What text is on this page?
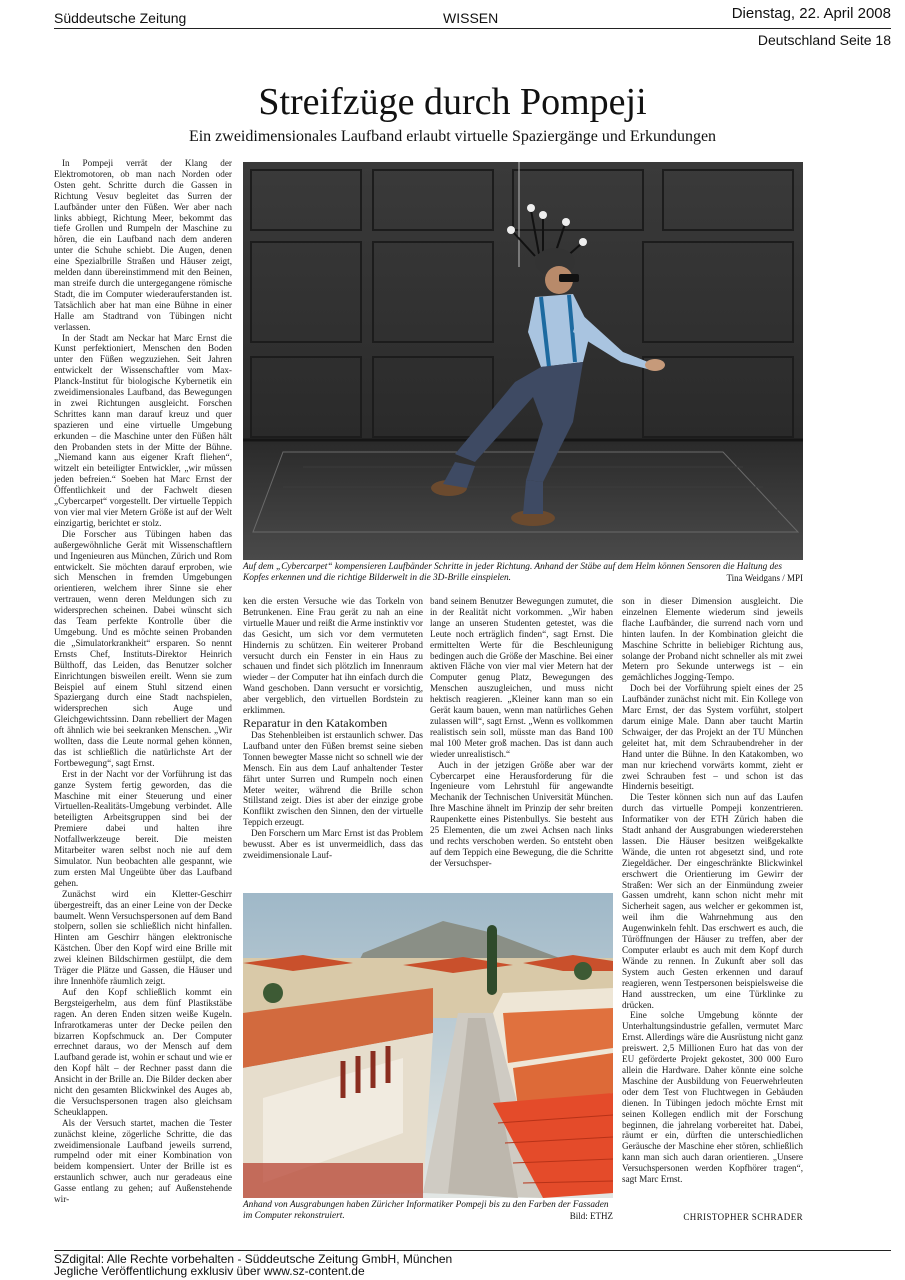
Süddeutsche Zeitung	WISSEN	Dienstag, 22. April 2008
Deutschland Seite 18
Streifzüge durch Pompeji
Ein zweidimensionales Laufband erlaubt virtuelle Spaziergänge und Erkundungen

In Pompeji verrät der Klang der Elektromotoren, ob man nach Norden oder Osten geht. Schritte durch die Gassen in Richtung Vesuv begleitet das Surren der Laufbänder unter den Füßen. Wer aber nach links abbiegt, Richtung Meer, bekommt das tiefe Grollen und Rumpeln der Maschine zu hören, die ein Laufband nach dem anderen unter die Schuhe schiebt. Die Augen, denen eine Spezialbrille Straßen und Häuser zeigt, melden dann übereinstimmend mit den Beinen, man streife durch die untergegangene römische Stadt, die im Computer wiederauferstanden ist. Tatsächlich aber hat man eine Bühne in einer Halle am Stadtrand von Tübingen nicht verlassen.

In der Stadt am Neckar hat Marc Ernst die Kunst perfektioniert, Menschen den Boden unter den Füßen wegzuziehen. Seit Jahren entwickelt der Wissenschaftler vom Max-Planck-Institut für biologische Kybernetik ein zweidimensionales Laufband, das Bewegungen in zwei Richtungen ausgleicht. Forschen Schrittes kann man darauf kreuz und quer spazieren und eine virtuelle Umgebung erkunden – die Maschine unter den Füßen hält den Probanden stets in der Mitte der Bühne. „Niemand kann aus eigener Kraft fliehen“, witzelt ein beteiligter Entwickler, „wir müssen jeden befreien.“ Soeben hat Marc Ernst der Öffentlichkeit und der Fachwelt diesen „Cybercarpet“ vorgestellt. Der virtuelle Teppich von vier mal vier Metern Größe ist auf der Welt einzigartig, berichtet er stolz.

Die Forscher aus Tübingen haben das außergewöhnliche Gerät mit Wissenschaftlern und Ingenieuren aus München, Zürich und Rom entwickelt. Sie möchten darauf erproben, wie sich Menschen in fremden Umgebungen orientieren, welchem ihrer Sinne sie eher vertrauen, wenn deren Meldungen sich zu widersprechen scheinen. Dabei wünscht sich das Team perfekte Kontrolle über die Umgebung. Und es möchte seinen Probanden die „Simulatorkrankheit“ ersparen. So nennt Ernsts Chef, Instituts-Direktor Heinrich Bülthoff, das Leiden, das Benutzer solcher Einrichtungen bisweilen ereilt. Wenn sie zum Beispiel auf einem Stuhl sitzend einen Spaziergang durch eine Stadt nachspielen, widersprechen sich Auge und Gleichgewichtssinn. Dann rebelliert der Magen oft ähnlich wie bei seekranken Menschen. „Wir wollten, dass die Leute normal gehen können, das ist schließlich die natürlichste Art der Fortbewegung“, sagt Ernst.

Erst in der Nacht vor der Vorführung ist das ganze System fertig geworden, das die Maschine mit einer Steuerung und einer Virtuellen-Realitäts-Umgebung verbindet. Alle beteiligten Arbeitsgruppen sind bei der Premiere dabei und halten ihre Notfallwerkzeuge bereit. Die meisten Mitarbeiter waren selbst noch nie auf dem Simulator. Nun beobachten alle gespannt, wie zum ersten Mal Ungeübte über das Laufband gehen.

Zunächst wird ein Kletter-Geschirr übergestreift, das an einer Leine von der Decke baumelt. Wenn Versuchspersonen auf dem Band stolpern, sollen sie schließlich nicht hinfallen. Hinten am Geschirr hängen elektronische Kästchen. Über den Kopf wird eine Brille mit zwei kleinen Bildschirmen gestülpt, die dem Träger die Plätze und Gassen, die Häuser und ihre Innenhöfe räumlich zeigt.

Auf den Kopf schließlich kommt ein Bergsteigerhelm, aus dem fünf Plastikstäbe ragen. An deren Enden sitzen weiße Kugeln. Infrarotkameras unter der Decke peilen den bizarren Kopfschmuck an. Der Computer errechnet daraus, wo der Mensch auf dem Laufband gerade ist, wohin er schaut und wie er den Kopf hält – der Rechner passt dann die Ansicht in der Brille an. Die Bilder decken aber nicht den gesamten Blickwinkel des Auges ab, die Versuchspersonen tragen also gleichsam Scheuklappen.

Als der Versuch startet, machen die Tester zunächst kleine, zögerliche Schritte, die das zweidimensionale Laufband jeweils surrend, rumpelnd oder mit einer Kombination von beidem kompensiert. Unter der Brille ist es erstaunlich schwer, auch nur geradeaus eine Gasse entlang zu gehen; auf Außenstehende wir-

Auf dem „Cybercarpet“ kompensieren Laufbänder Schritte in jeder Richtung. Anhand der Stäbe auf dem Helm können Sensoren die Haltung des Kopfes erkennen und die richtige Bilderwelt in die 3D-Brille einspielen.	Tina Weidgans / MPI

ken die ersten Versuche wie das Torkeln von Betrunkenen. Eine Frau gerät zu nah an eine virtuelle Mauer und reißt die Arme instinktiv vor das Gesicht, um sich vor dem vermuteten Hindernis zu schützen. Ein weiterer Proband versucht durch ein Fenster in ein Haus zu schauen und findet sich plötzlich im Innenraum wieder – der Computer hat ihn einfach durch die Wand geschoben. Dann versucht er vorsichtig, aber vergeblich, den virtuellen Bordstein zu erklimmen.

Reparatur in den Katakomben

Das Stehenbleiben ist erstaunlich schwer. Das Laufband unter den Füßen bremst seine sieben Tonnen bewegter Masse nicht so schnell wie der Mensch. Ein aus dem Lauf anhaltender Tester fährt unter Surren und Rumpeln noch einen Meter weiter, während die Brille schon Stillstand zeigt. Dies ist aber der einzige grobe Konflikt zwischen den Sinnen, den der virtuelle Teppich erzeugt.

Den Forschern um Marc Ernst ist das Problem bewusst. Aber es ist unvermeidlich, dass das zweidimensionale Lauf-

band seinem Benutzer Bewegungen zumutet, die in der Realität nicht vorkommen. „Wir haben lange an unseren Studenten getestet, was die Leute noch erträglich finden“, sagt Ernst. Die ermittelten Werte für die Beschleunigung bedingen auch die Größe der Maschine. Bei einer aktiven Fläche von vier mal vier Metern hat der Computer genug Platz, Bewegungen des Menschen auszugleichen, und muss nicht hektisch reagieren. „Kleiner kann man so ein Gerät kaum bauen, wenn man natürliches Gehen zulassen will“, sagt Ernst. „Wenn es vollkommen realistisch sein soll, müsste man das Band 100 mal 100 Meter groß machen. Das ist dann auch wieder unrealistisch.“

Auch in der jetzigen Größe aber war der Cybercarpet eine Herausforderung für die Ingenieure vom Lehrstuhl für angewandte Mechanik der Technischen Universität München. Ihre Maschine ähnelt im Prinzip der sehr breiten Raupenkette eines Pistenbullys. Sie besteht aus 25 Elementen, die um zwei Achsen nach links und rechts verschoben werden. So entsteht oben auf dem Teppich eine Bewegung, die die Schritte der Versuchsper-

Anhand von Ausgrabungen haben Züricher Informatiker Pompeji bis zu den Farben der Fassaden im Computer rekonstruiert.	Bild: ETHZ

son in dieser Dimension ausgleicht. Die einzelnen Elemente wiederum sind jeweils flache Laufbänder, die surrend nach vorn und hinten laufen. In der Kombination gleicht die Maschine Schritte in beliebiger Richtung aus, solange der Proband nicht schneller als mit zwei Metern pro Sekunde unterwegs ist – ein gemächliches Jogging-Tempo.

Doch bei der Vorführung spielt eines der 25 Laufbänder zunächst nicht mit. Ein Kollege von Marc Ernst, der das System vorführt, stolpert darum einige Male. Dann aber taucht Martin Schwaiger, der das Projekt an der TU München geleitet hat, mit dem Schraubendreher in der Hand unter die Bühne. In den Katakomben, wo man nur kriechend vorwärts kommt, zieht er zwei Schrauben fest – und schon ist das Hindernis beseitigt.

Die Tester können sich nun auf das Laufen durch das virtuelle Pompeji konzentrieren. Informatiker von der ETH Zürich haben die Stadt anhand der Ausgrabungen wiedererstehen lassen. Die Häuser besitzen weißgekalkte Wände, die unten rot abgesetzt sind, und rote Ziegeldächer. Der eingeschränkte Blickwinkel erschwert die Orientierung im Gewirr der Straßen: Wer sich an der Einmündung zweier Gassen umdreht, kann schon nicht mehr mit Sicherheit sagen, aus welcher er gekommen ist, weil ihm die Wahrnehmung aus den Augenwinkeln fehlt. Das erschwert es auch, die Türöffnungen der Häuser zu treffen, aber der Computer erlaubt es auch mit dem Kopf durch Wände zu rennen. In Zukunft aber soll das System auch Gesten erkennen und darauf reagieren, wenn Testpersonen beispielsweise die Hand ausstrecken, um eine Türklinke zu drücken.

Eine solche Umgebung könnte der Unterhaltungsindustrie gefallen, vermutet Marc Ernst. Allerdings wäre die Ausrüstung nicht ganz preiswert. 2,5 Millionen Euro hat das von der EU geförderte Projekt gekostet, 300 000 Euro allein die Hardware. Daher könnte eine solche Maschine der Ausbildung von Feuerwehrleuten oder dem Test von Fluchtwegen in Gebäuden dienen. In Tübingen jedoch möchte Ernst mit seinen Kollegen endlich mit der Forschung beginnen, die jahrelang vorbereitet hat. Dabei, räumt er ein, dürften die unterschiedlichen Geräusche der Maschine eher stören, schließlich kann man sich auch daran orientieren. „Unsere Versuchspersonen werden Kopfhörer tragen“, sagt Marc Ernst.

CHRISTOPHER SCHRADER
SZdigital: Alle Rechte vorbehalten - Süddeutsche Zeitung GmbH, München
Jegliche Veröffentlichung exklusiv über www.sz-content.de
